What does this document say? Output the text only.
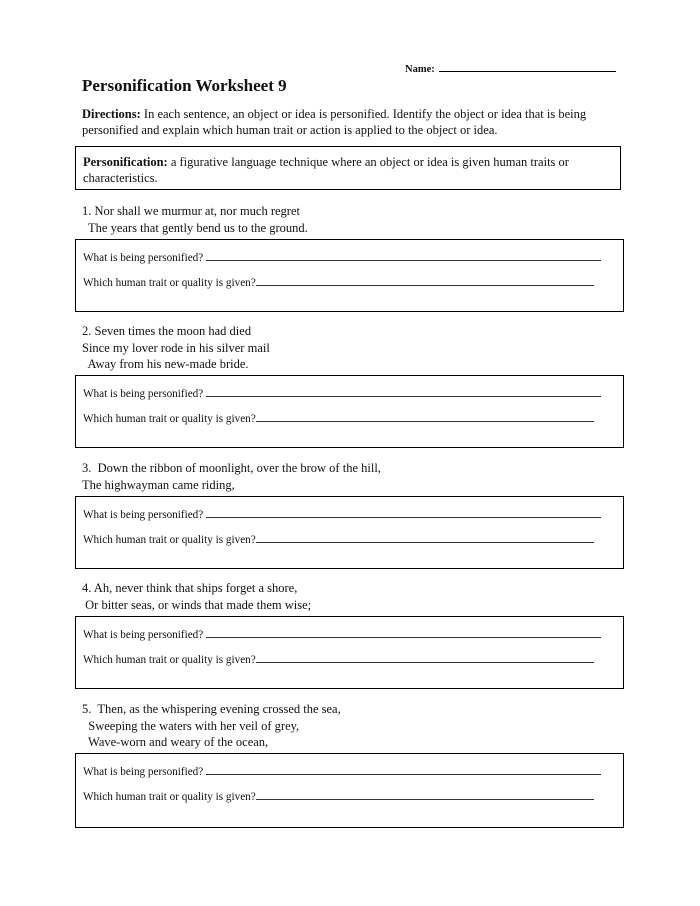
Name:
Personification Worksheet 9

Directions: In each sentence, an object or idea is personified. Identify the object or idea that is being personified and explain which human trait or action is applied to the object or idea.

Personification: a figurative language technique where an object or idea is given human traits or characteristics.
1. Nor shall we murmur at, nor much regret
The years that gently bend us to the ground.
What is being personified?
Which human trait or quality is given?
2. Seven times the moon had died
Since my lover rode in his silver mail
Away from his new-made bride.
What is being personified?
Which human trait or quality is given?
3.  Down the ribbon of moonlight, over the brow of the hill,
The highwayman came riding,
What is being personified?
Which human trait or quality is given?
4. Ah, never think that ships forget a shore,
Or bitter seas, or winds that made them wise;
What is being personified?
Which human trait or quality is given?
5.  Then, as the whispering evening crossed the sea,
Sweeping the waters with her veil of grey,
Wave-worn and weary of the ocean,
What is being personified?
Which human trait or quality is given?
